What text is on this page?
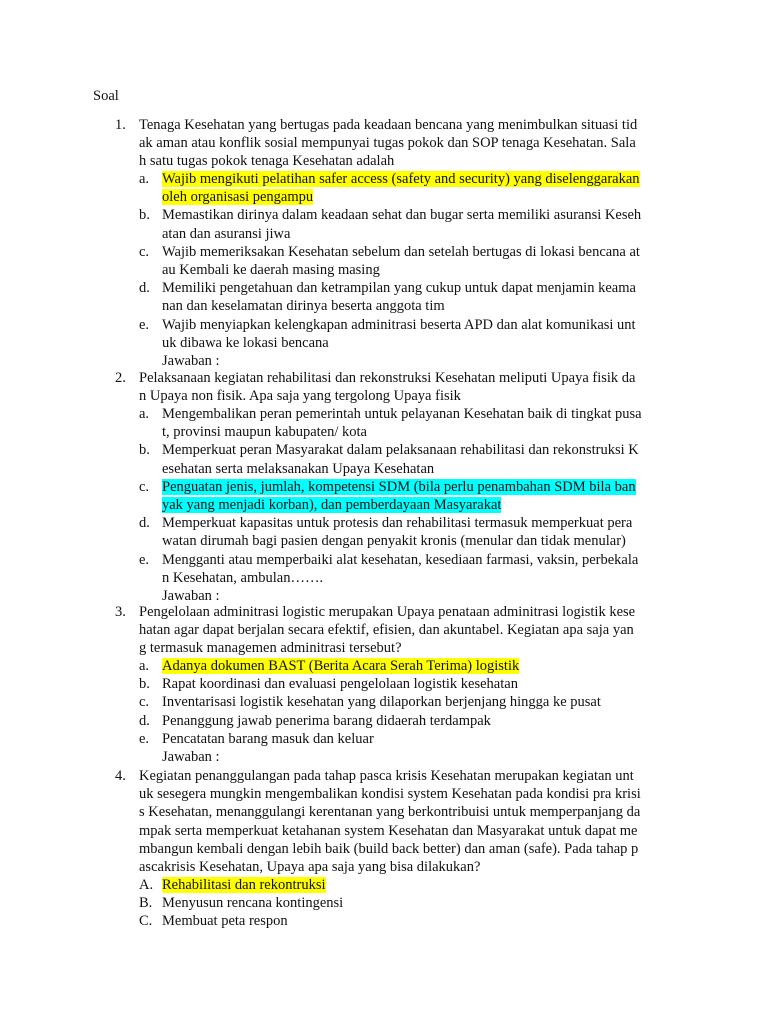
Soal
1. Tenaga Kesehatan yang bertugas pada keadaan bencana yang menimbulkan situasi tid
ak aman atau konflik sosial mempunyai tugas pokok dan SOP tenaga Kesehatan. Sala
h satu tugas pokok tenaga Kesehatan adalah
a. Wajib mengikuti pelatihan safer access (safety and security) yang diselenggarakan
oleh organisasi pengampu
b. Memastikan dirinya dalam keadaan sehat dan bugar serta memiliki asuransi Keseh
atan dan asuransi jiwa
c. Wajib memeriksakan Kesehatan sebelum dan setelah bertugas di lokasi bencana at
au Kembali ke daerah masing masing
d. Memiliki pengetahuan dan ketrampilan yang cukup untuk dapat menjamin keama
nan dan keselamatan dirinya beserta anggota tim
e. Wajib menyiapkan kelengkapan adminitrasi beserta APD dan alat komunikasi unt
uk dibawa ke lokasi bencana
Jawaban :
2. Pelaksanaan kegiatan rehabilitasi dan rekonstruksi Kesehatan meliputi Upaya fisik da
n Upaya non fisik. Apa saja yang tergolong Upaya fisik
a. Mengembalikan peran pemerintah untuk pelayanan Kesehatan baik di tingkat pusa
t, provinsi maupun kabupaten/ kota
b. Memperkuat peran Masyarakat dalam pelaksanaan rehabilitasi dan rekonstruksi K
esehatan serta melaksanakan Upaya Kesehatan
c. Penguatan jenis, jumlah, kompetensi SDM (bila perlu penambahan SDM bila ban
yak yang menjadi korban), dan pemberdayaan Masyarakat
d. Memperkuat kapasitas untuk protesis dan rehabilitasi termasuk memperkuat pera
watan dirumah bagi pasien dengan penyakit kronis (menular dan tidak menular)
e. Mengganti atau memperbaiki alat kesehatan, kesediaan farmasi, vaksin, perbekala
n Kesehatan, ambulan…….
Jawaban :
3. Pengelolaan adminitrasi logistic merupakan Upaya penataan adminitrasi logistik kese
hatan agar dapat berjalan secara efektif, efisien, dan akuntabel. Kegiatan apa saja yan
g termasuk managemen adminitrasi tersebut?
a. Adanya dokumen BAST (Berita Acara Serah Terima) logistik
b. Rapat koordinasi dan evaluasi pengelolaan logistik kesehatan
c. Inventarisasi logistik kesehatan yang dilaporkan berjenjang hingga ke pusat
d. Penanggung jawab penerima barang didaerah terdampak
e. Pencatatan barang masuk dan keluar
Jawaban :
4. Kegiatan penanggulangan pada tahap pasca krisis Kesehatan merupakan kegiatan unt
uk sesegera mungkin mengembalikan kondisi system Kesehatan pada kondisi pra krisi
s Kesehatan, menanggulangi kerentanan yang berkontribuisi untuk memperpanjang da
mpak serta memperkuat ketahanan system Kesehatan dan Masyarakat untuk dapat me
mbangun kembali dengan lebih baik (build back better) dan aman (safe). Pada tahap p
ascakrisis Kesehatan, Upaya apa saja yang bisa dilakukan?
A. Rehabilitasi dan rekontruksi
B. Menyusun rencana kontingensi
C. Membuat peta respon
